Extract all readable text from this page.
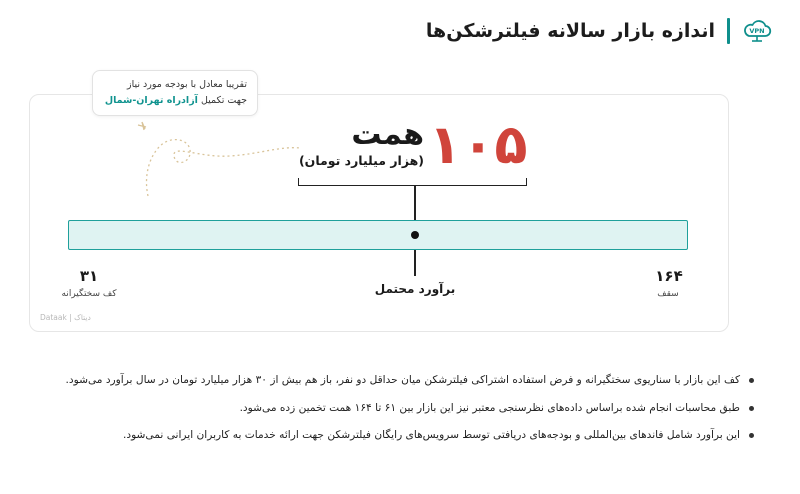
VPN
اندازه بازار سالانه فیلترشکن‌ها
تقریبا معادل با بودجه مورد نیاز
جهت تکمیل آزادراه تهران-شمال
۱۰۵
همت
(هزار میلیارد تومان)
۳۱
کف سختگیرانه
۱۶۴
سقف
برآورد محتمل
دیتاک | Dataak
کف این بازار با سناریوی سختگیرانه و فرض استفاده اشتراکی فیلترشکن میان حداقل دو نفر، باز هم بیش از ۳۰ هزار میلیارد تومان در سال برآورد می‌شود.
طبق محاسبات انجام شده براساس داده‌های نظرسنجی معتبر نیز این بازار بین ۶۱ تا ۱۶۴ همت تخمین زده می‌شود.
این برآورد شامل فاندهای بین‌المللی و بودجه‌های دریافتی توسط سرویس‌های رایگان فیلترشکن جهت ارائه خدمات به کاربران ایرانی نمی‌شود.
